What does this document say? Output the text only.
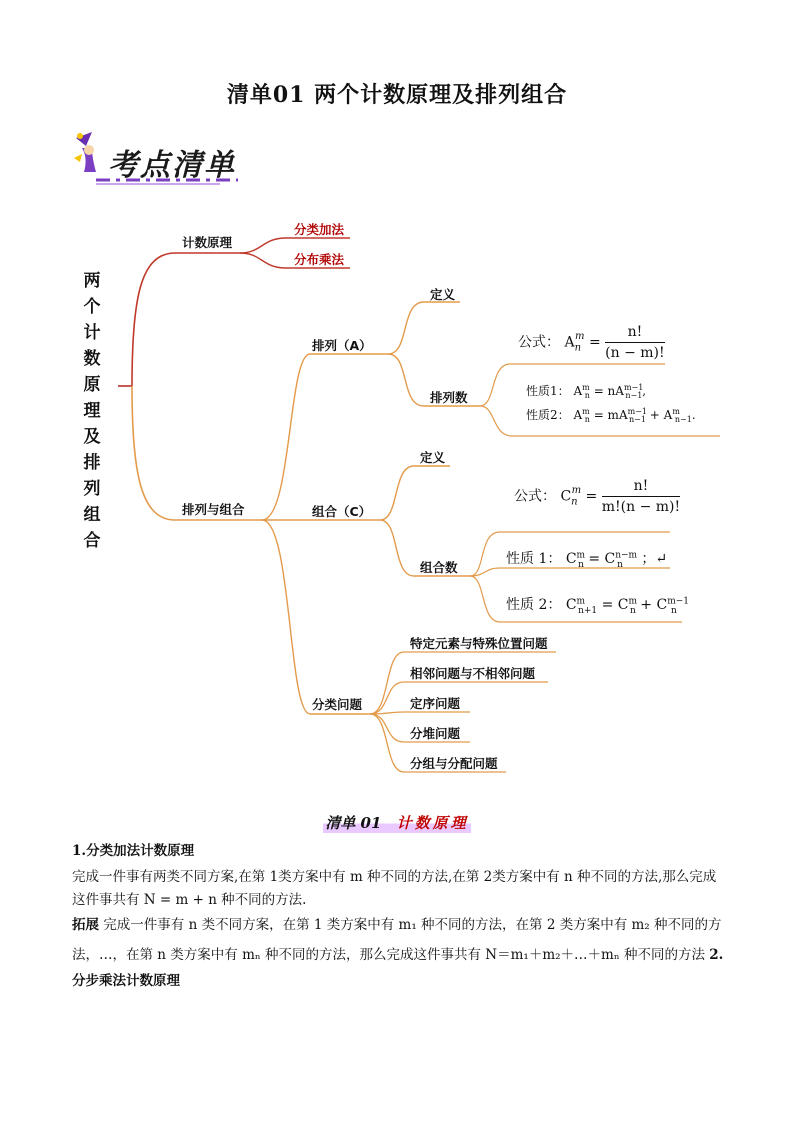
清单01 两个计数原理及排列组合
考点清单
两个计数原理及排列组合
计数原理
分类加法
分布乘法
排列与组合
排列（A）
定义
排列数
公式： $A_n^m = \frac{n!}{(n - m)!}$
性质1： $A^m_n = nA^{m-1}_{n-1}$,
性质2： $A^m_n = mA^{m-1}_{n-1} + A^m_{n-1}$.
组合（C）
定义
组合数
公式： $C_n^m = \frac{n!}{m!(n - m)!}$
性质 1： $C^m_n = C^{n-m}_n$ ；↵
性质 2： $C^m_{n+1} = C^m_n + C^{m-1}_n$
分类问题
特定元素与特殊位置问题
相邻问题与不相邻问题
定序问题
分堆问题
分组与分配问题
清单 01 计数原理
1.分类加法计数原理
完成一件事有两类不同方案,在第 1类方案中有 m 种不同的方法,在第 2类方案中有 n 种不同的方法,那么完成
这件事共有 N = m + n 种不同的方法.
拓展 完成一件事有 n 类不同方案，在第 1 类方案中有 m₁ 种不同的方法，在第 2 类方案中有 m₂ 种不同的方
法，…，在第 n 类方案中有 mₙ 种不同的方法，那么完成这件事共有 N＝m₁＋m₂＋…＋mₙ 种不同的方法 2.
分步乘法计数原理
